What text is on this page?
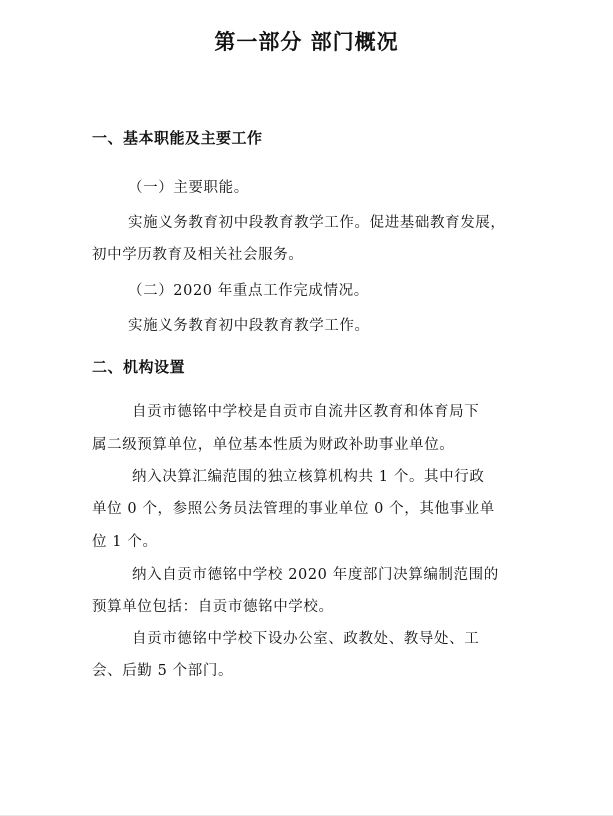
第一部分 部门概况
一、基本职能及主要工作
（一）主要职能。
实施义务教育初中段教育教学工作。促进基础教育发展，
初中学历教育及相关社会服务。
（二）2020 年重点工作完成情况。
实施义务教育初中段教育教学工作。
二、机构设置
自贡市德铭中学校是自贡市自流井区教育和体育局下
属二级预算单位，单位基本性质为财政补助事业单位。
纳入决算汇编范围的独立核算机构共 1 个。其中行政
单位 0 个，参照公务员法管理的事业单位 0 个，其他事业单
位 1 个。
纳入自贡市德铭中学校 2020 年度部门决算编制范围的
预算单位包括：自贡市德铭中学校。
自贡市德铭中学校下设办公室、政教处、教导处、工
会、后勤 5 个部门。
